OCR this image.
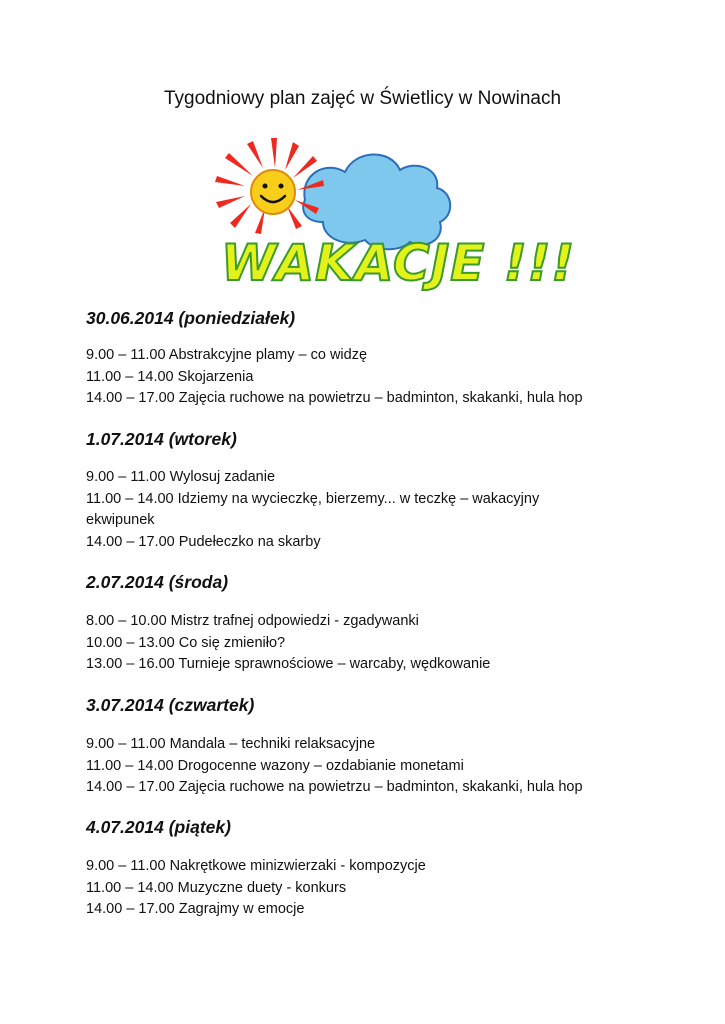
Tygodniowy plan zajęć w Świetlicy w Nowinach
WAKACJE !!!
30.06.2014 (poniedziałek)
9.00 – 11.00 Abstrakcyjne plamy – co widzę
11.00 – 14.00 Skojarzenia
14.00 – 17.00 Zajęcia ruchowe na powietrzu – badminton, skakanki, hula hop
1.07.2014 (wtorek)
9.00 – 11.00 Wylosuj zadanie
11.00 – 14.00 Idziemy na wycieczkę, bierzemy... w teczkę – wakacyjny ekwipunek
14.00 – 17.00 Pudełeczko na skarby
2.07.2014 (środa)
8.00 – 10.00 Mistrz trafnej odpowiedzi - zgadywanki
10.00 – 13.00 Co się zmieniło?
13.00 – 16.00 Turnieje sprawnościowe – warcaby, wędkowanie
3.07.2014 (czwartek)
9.00 – 11.00 Mandala – techniki relaksacyjne
11.00 – 14.00 Drogocenne wazony – ozdabianie monetami
14.00 – 17.00 Zajęcia ruchowe na powietrzu – badminton, skakanki, hula hop
4.07.2014 (piątek)
9.00 – 11.00 Nakrętkowe minizwierzaki - kompozycje
11.00 – 14.00 Muzyczne duety - konkurs
14.00 – 17.00 Zagrajmy w emocje
